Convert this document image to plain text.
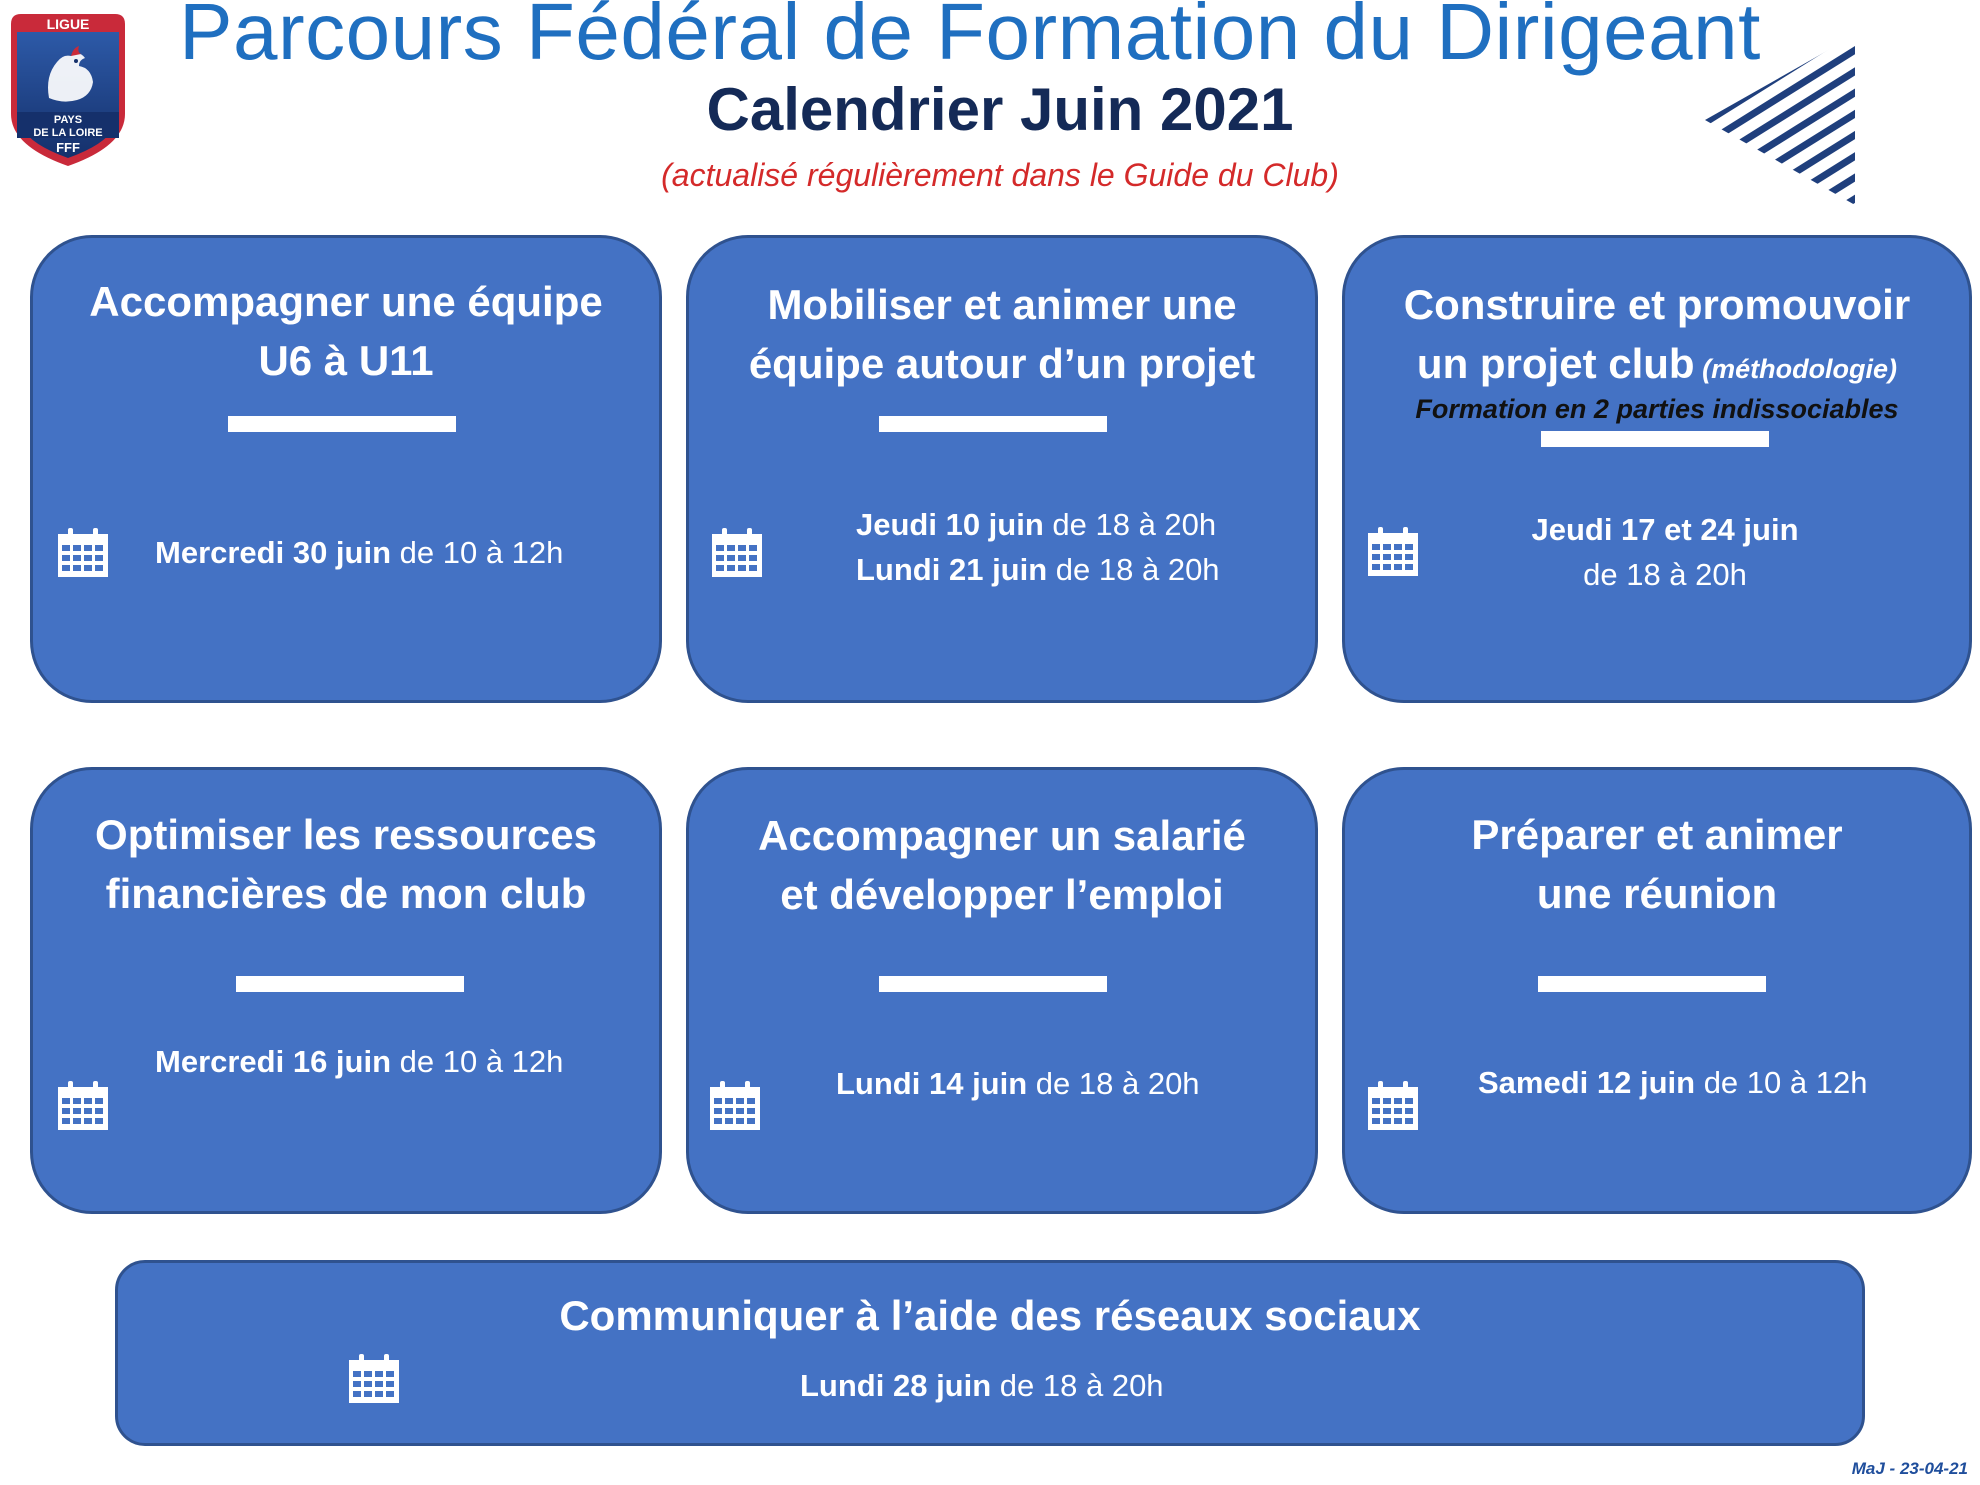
LIGUE
PAYS
DE LA LOIRE
FFF
Parcours Fédéral de Formation du Dirigeant
Calendrier Juin 2021
(actualisé régulièrement dans le Guide du Club)
Accompagner une équipe
U6 à U11
Mercredi 30 juin de 10 à 12h
Mobiliser et animer une
équipe autour d’un projet
Jeudi 10 juin de 18 à 20h
Lundi 21 juin de 18 à 20h
Construire et promouvoir
un projet club (méthodologie)
Formation en 2 parties indissociables
Jeudi 17 et 24 juin
de 18 à 20h
Optimiser les ressources
financières de mon club
Mercredi 16 juin de 10 à 12h
Accompagner un salarié
et développer l’emploi
Lundi 14 juin de 18 à 20h
Préparer et animer
une réunion
Samedi 12 juin de 10 à 12h
Communiquer à l’aide des réseaux sociaux
Lundi 28 juin de 18 à 20h
MaJ - 23-04-21
